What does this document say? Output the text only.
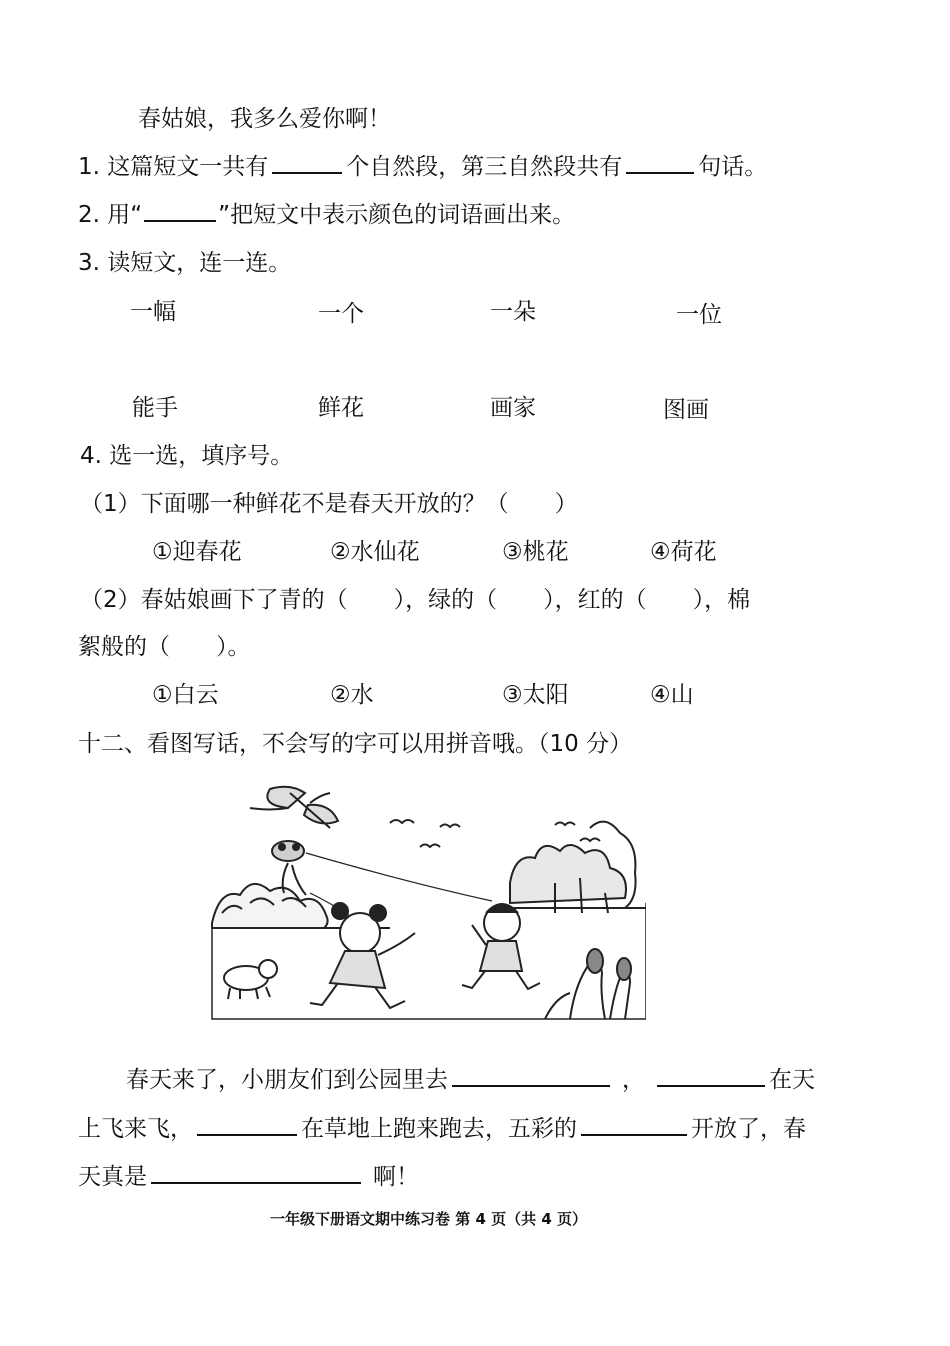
春姑娘，我多么爱你啊！
1. 这篇短文一共有	个自然段，第三自然段共有	句话。
2. 用“	”把短文中表示颜色的词语画出来。
3. 读短文，连一连。
一幅	一个	一朵	一位
能手	鲜花	画家	图画
4. 选一选，填序号。
（1）下面哪一种鲜花不是春天开放的？（　　）
①迎春花	②水仙花	③桃花	④荷花
（2）春姑娘画下了青的（　　），绿的（　　），红的（　　），棉
絮般的（　　）。
①白云	②水	③太阳	④山
十二、看图写话，不会写的字可以用拼音哦。（10 分）
春天来了，小朋友们到公园里去	，	在天
上飞来飞，	在草地上跑来跑去，五彩的	开放了，春
天真是	啊！
一年级下册语文期中练习卷 第 4 页（共 4 页）
